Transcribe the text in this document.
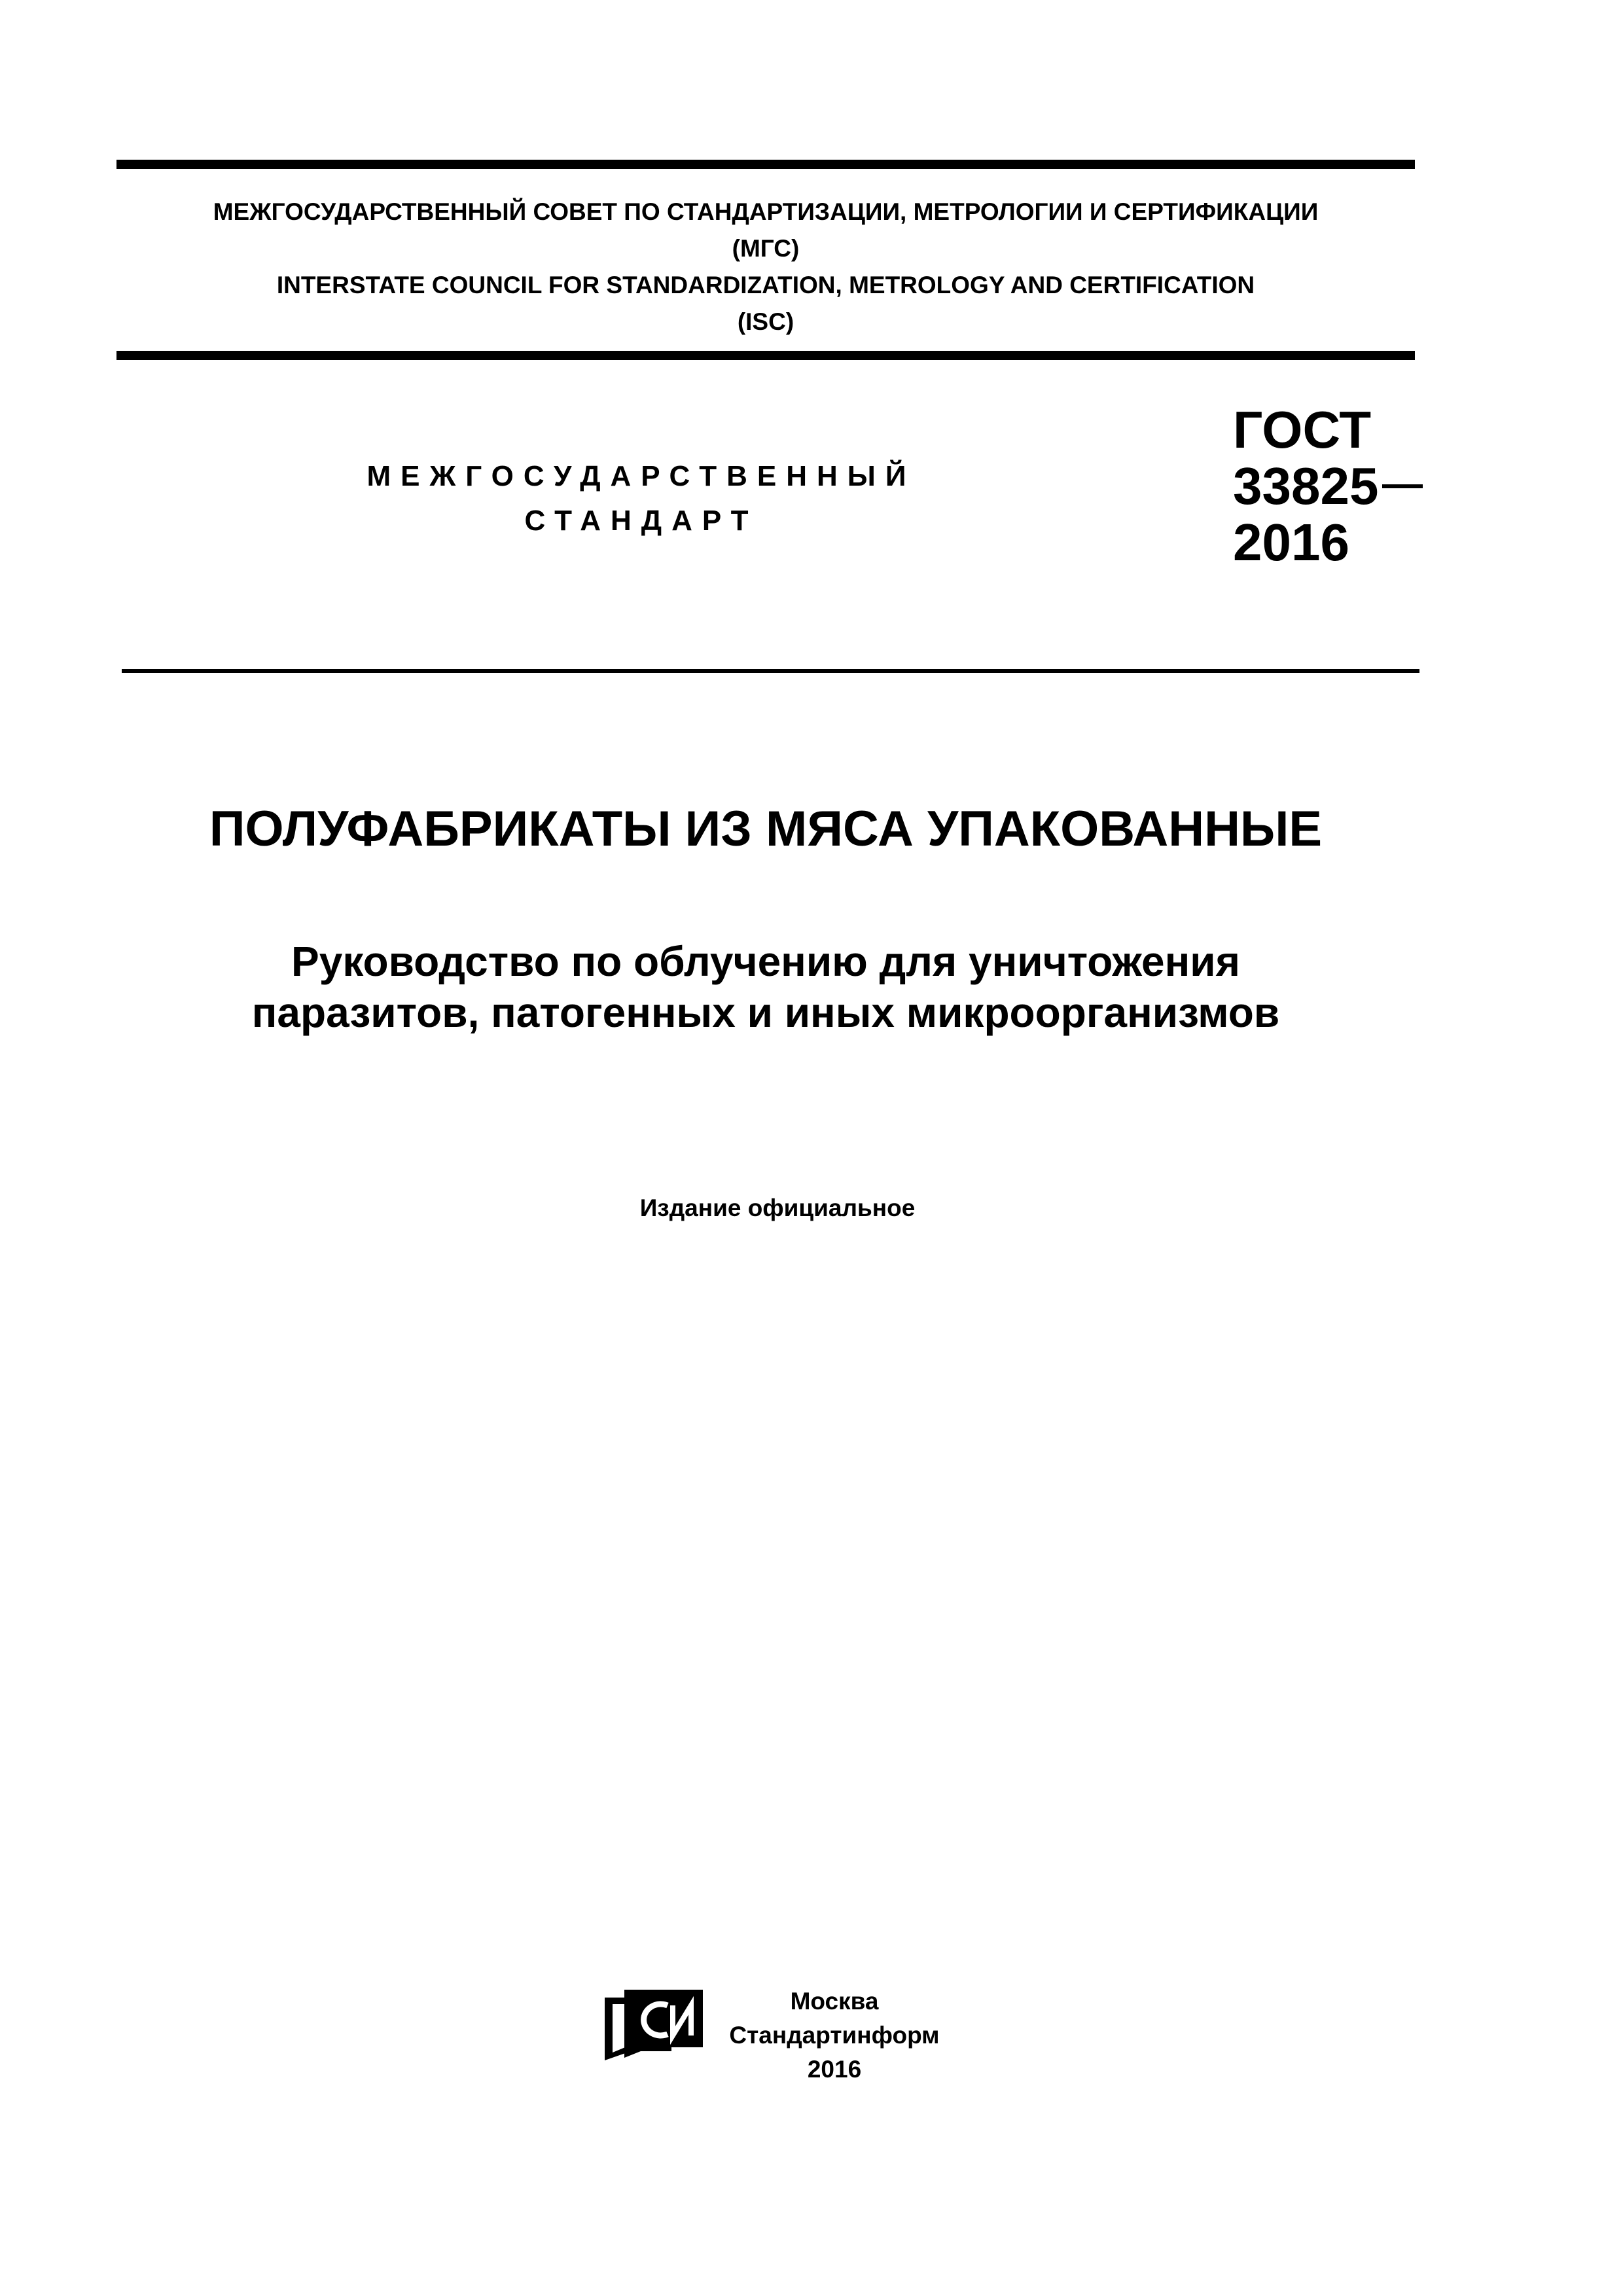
МЕЖГОСУДАРСТВЕННЫЙ СОВЕТ ПО СТАНДАРТИЗАЦИИ, МЕТРОЛОГИИ И СЕРТИФИКАЦИИ
(МГС)
INTERSTATE COUNCIL FOR STANDARDIZATION, METROLOGY AND CERTIFICATION
(ISC)
МЕЖГОСУДАРСТВЕННЫЙ
СТАНДАРТ
ГОСТ
33825
2016
ПОЛУФАБРИКАТЫ ИЗ МЯСА УПАКОВАННЫЕ
Руководство по облучению для уничтожения
паразитов, патогенных и иных микроорганизмов
Издание официальное
Москва
Стандартинформ
2016
